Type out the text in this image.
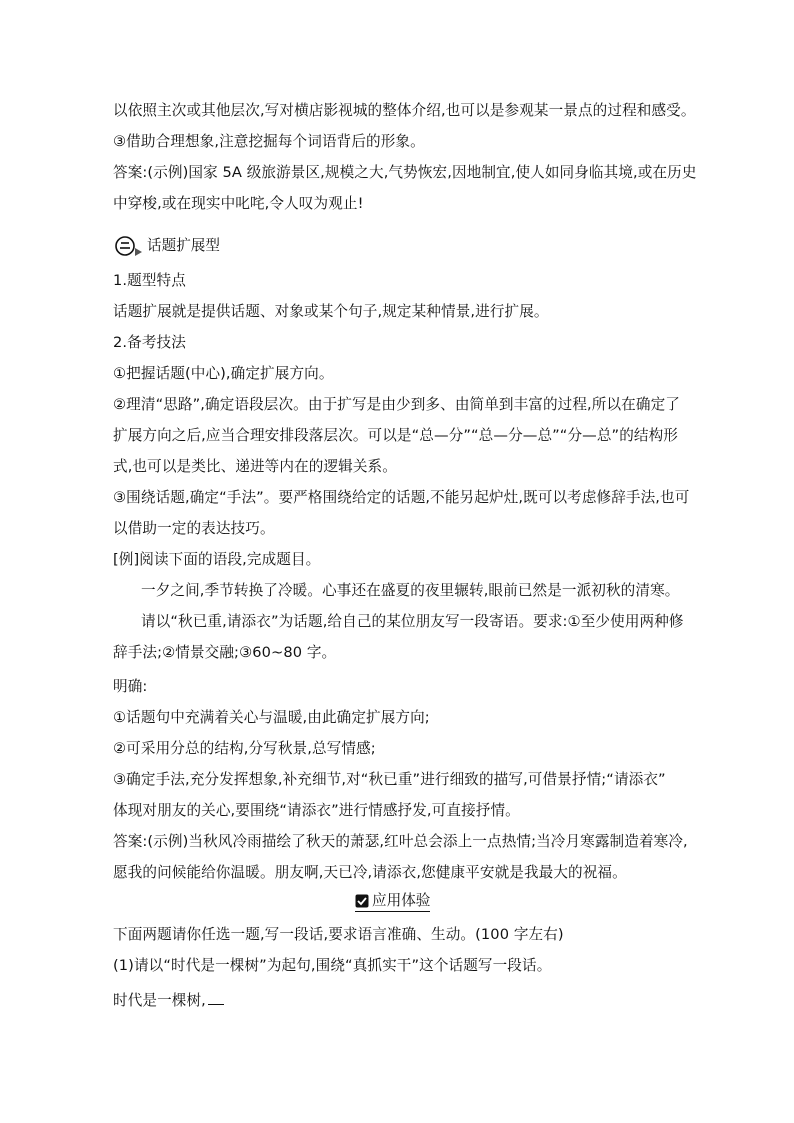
以依照主次或其他层次,写对横店影视城的整体介绍,也可以是参观某一景点的过程和感受。
③借助合理想象,注意挖掘每个词语背后的形象。
答案:(示例)国家 5A 级旅游景区,规模之大,气势恢宏,因地制宜,使人如同身临其境,或在历史
中穿梭,或在现实中叱咤,令人叹为观止!
话题扩展型
1.题型特点
话题扩展就是提供话题、对象或某个句子,规定某种情景,进行扩展。
2.备考技法
①把握话题(中心),确定扩展方向。
②理清“思路”,确定语段层次。由于扩写是由少到多、由简单到丰富的过程,所以在确定了
扩展方向之后,应当合理安排段落层次。可以是“总—分”“总—分—总”“分—总”的结构形
式,也可以是类比、递进等内在的逻辑关系。
③围绕话题,确定“手法”。要严格围绕给定的话题,不能另起炉灶,既可以考虑修辞手法,也可
以借助一定的表达技巧。
[例]阅读下面的语段,完成题目。
一夕之间,季节转换了冷暖。心事还在盛夏的夜里辗转,眼前已然是一派初秋的清寒。
请以“秋已重,请添衣”为话题,给自己的某位朋友写一段寄语。要求:①至少使用两种修
辞手法;②情景交融;③60~80 字。
明确:
①话题句中充满着关心与温暖,由此确定扩展方向;
②可采用分总的结构,分写秋景,总写情感;
③确定手法,充分发挥想象,补充细节,对“秋已重”进行细致的描写,可借景抒情;“请添衣”
体现对朋友的关心,要围绕“请添衣”进行情感抒发,可直接抒情。
答案:(示例)当秋风冷雨描绘了秋天的萧瑟,红叶总会添上一点热情;当冷月寒露制造着寒冷,
愿我的问候能给你温暖。朋友啊,天已冷,请添衣,您健康平安就是我最大的祝福。
应用体验
下面两题请你任选一题,写一段话,要求语言准确、生动。(100 字左右)
(1)请以“时代是一棵树”为起句,围绕“真抓实干”这个话题写一段话。
时代是一棵树,
